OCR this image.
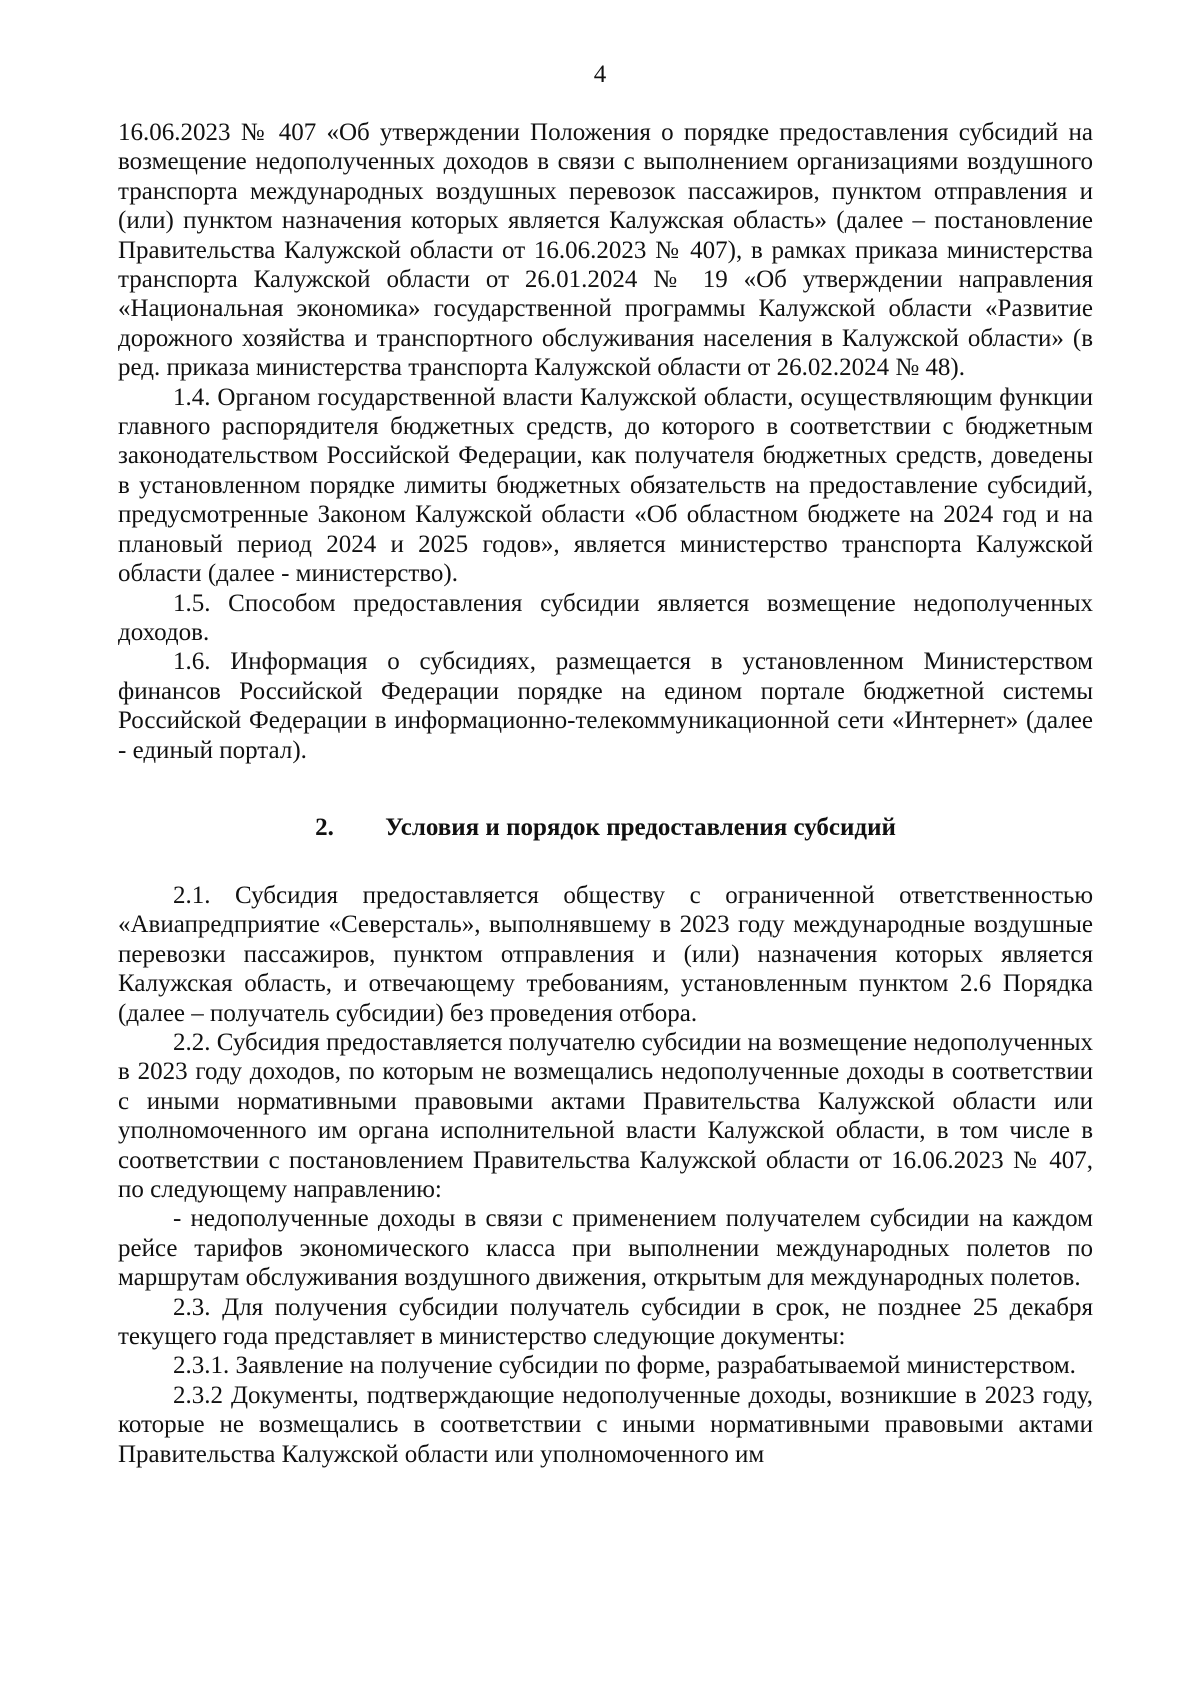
4

16.06.2023 № 407 «Об утверждении Положения о порядке предоставления субсидий на возмещение недополученных доходов в связи с выполнением организациями воздушного транспорта международных воздушных перевозок пассажиров, пунктом отправления и (или) пунктом назначения которых является Калужская область» (далее – постановление Правительства Калужской области от 16.06.2023 № 407), в рамках приказа министерства транспорта Калужской области от 26.01.2024 № 19 «Об утверждении направления «Национальная экономика» государственной программы Калужской области «Развитие дорожного хозяйства и транспортного обслуживания населения в Калужской области» (в ред. приказа министерства транспорта Калужской области от 26.02.2024 № 48).

1.4. Органом государственной власти Калужской области, осуществляющим функции главного распорядителя бюджетных средств, до которого в соответствии с бюджетным законодательством Российской Федерации, как получателя бюджетных средств, доведены в установленном порядке лимиты бюджетных обязательств на предоставление субсидий, предусмотренные Законом Калужской области «Об областном бюджете на 2024 год и на плановый период 2024 и 2025 годов», является министерство транспорта Калужской области (далее - министерство).

1.5. Способом предоставления субсидии является возмещение недополученных доходов.

1.6. Информация о субсидиях, размещается в установленном Министерством финансов Российской Федерации порядке на едином портале бюджетной системы Российской Федерации в информационно-телекоммуникационной сети «Интернет» (далее - единый портал).

2. Условия и порядок предоставления субсидий

2.1. Субсидия предоставляется обществу с ограниченной ответственностью «Авиапредприятие «Северсталь», выполнявшему в 2023 году международные воздушные перевозки пассажиров, пунктом отправления и (или) назначения которых является Калужская область, и отвечающему требованиям, установленным пунктом 2.6 Порядка (далее – получатель субсидии) без проведения отбора.

2.2. Субсидия предоставляется получателю субсидии на возмещение недополученных в 2023 году доходов, по которым не возмещались недополученные доходы в соответствии с иными нормативными правовыми актами Правительства Калужской области или уполномоченного им органа исполнительной власти Калужской области, в том числе в соответствии с постановлением Правительства Калужской области от 16.06.2023 № 407, по следующему направлению:

- недополученные доходы в связи с применением получателем субсидии на каждом рейсе тарифов экономического класса при выполнении международных полетов по маршрутам обслуживания воздушного движения, открытым для международных полетов.

2.3. Для получения субсидии получатель субсидии в срок, не позднее 25 декабря текущего года представляет в министерство следующие документы:

2.3.1. Заявление на получение субсидии по форме, разрабатываемой министерством.

2.3.2 Документы, подтверждающие недополученные доходы, возникшие в 2023 году, которые не возмещались в соответствии с иными нормативными правовыми актами Правительства Калужской области или уполномоченного им
